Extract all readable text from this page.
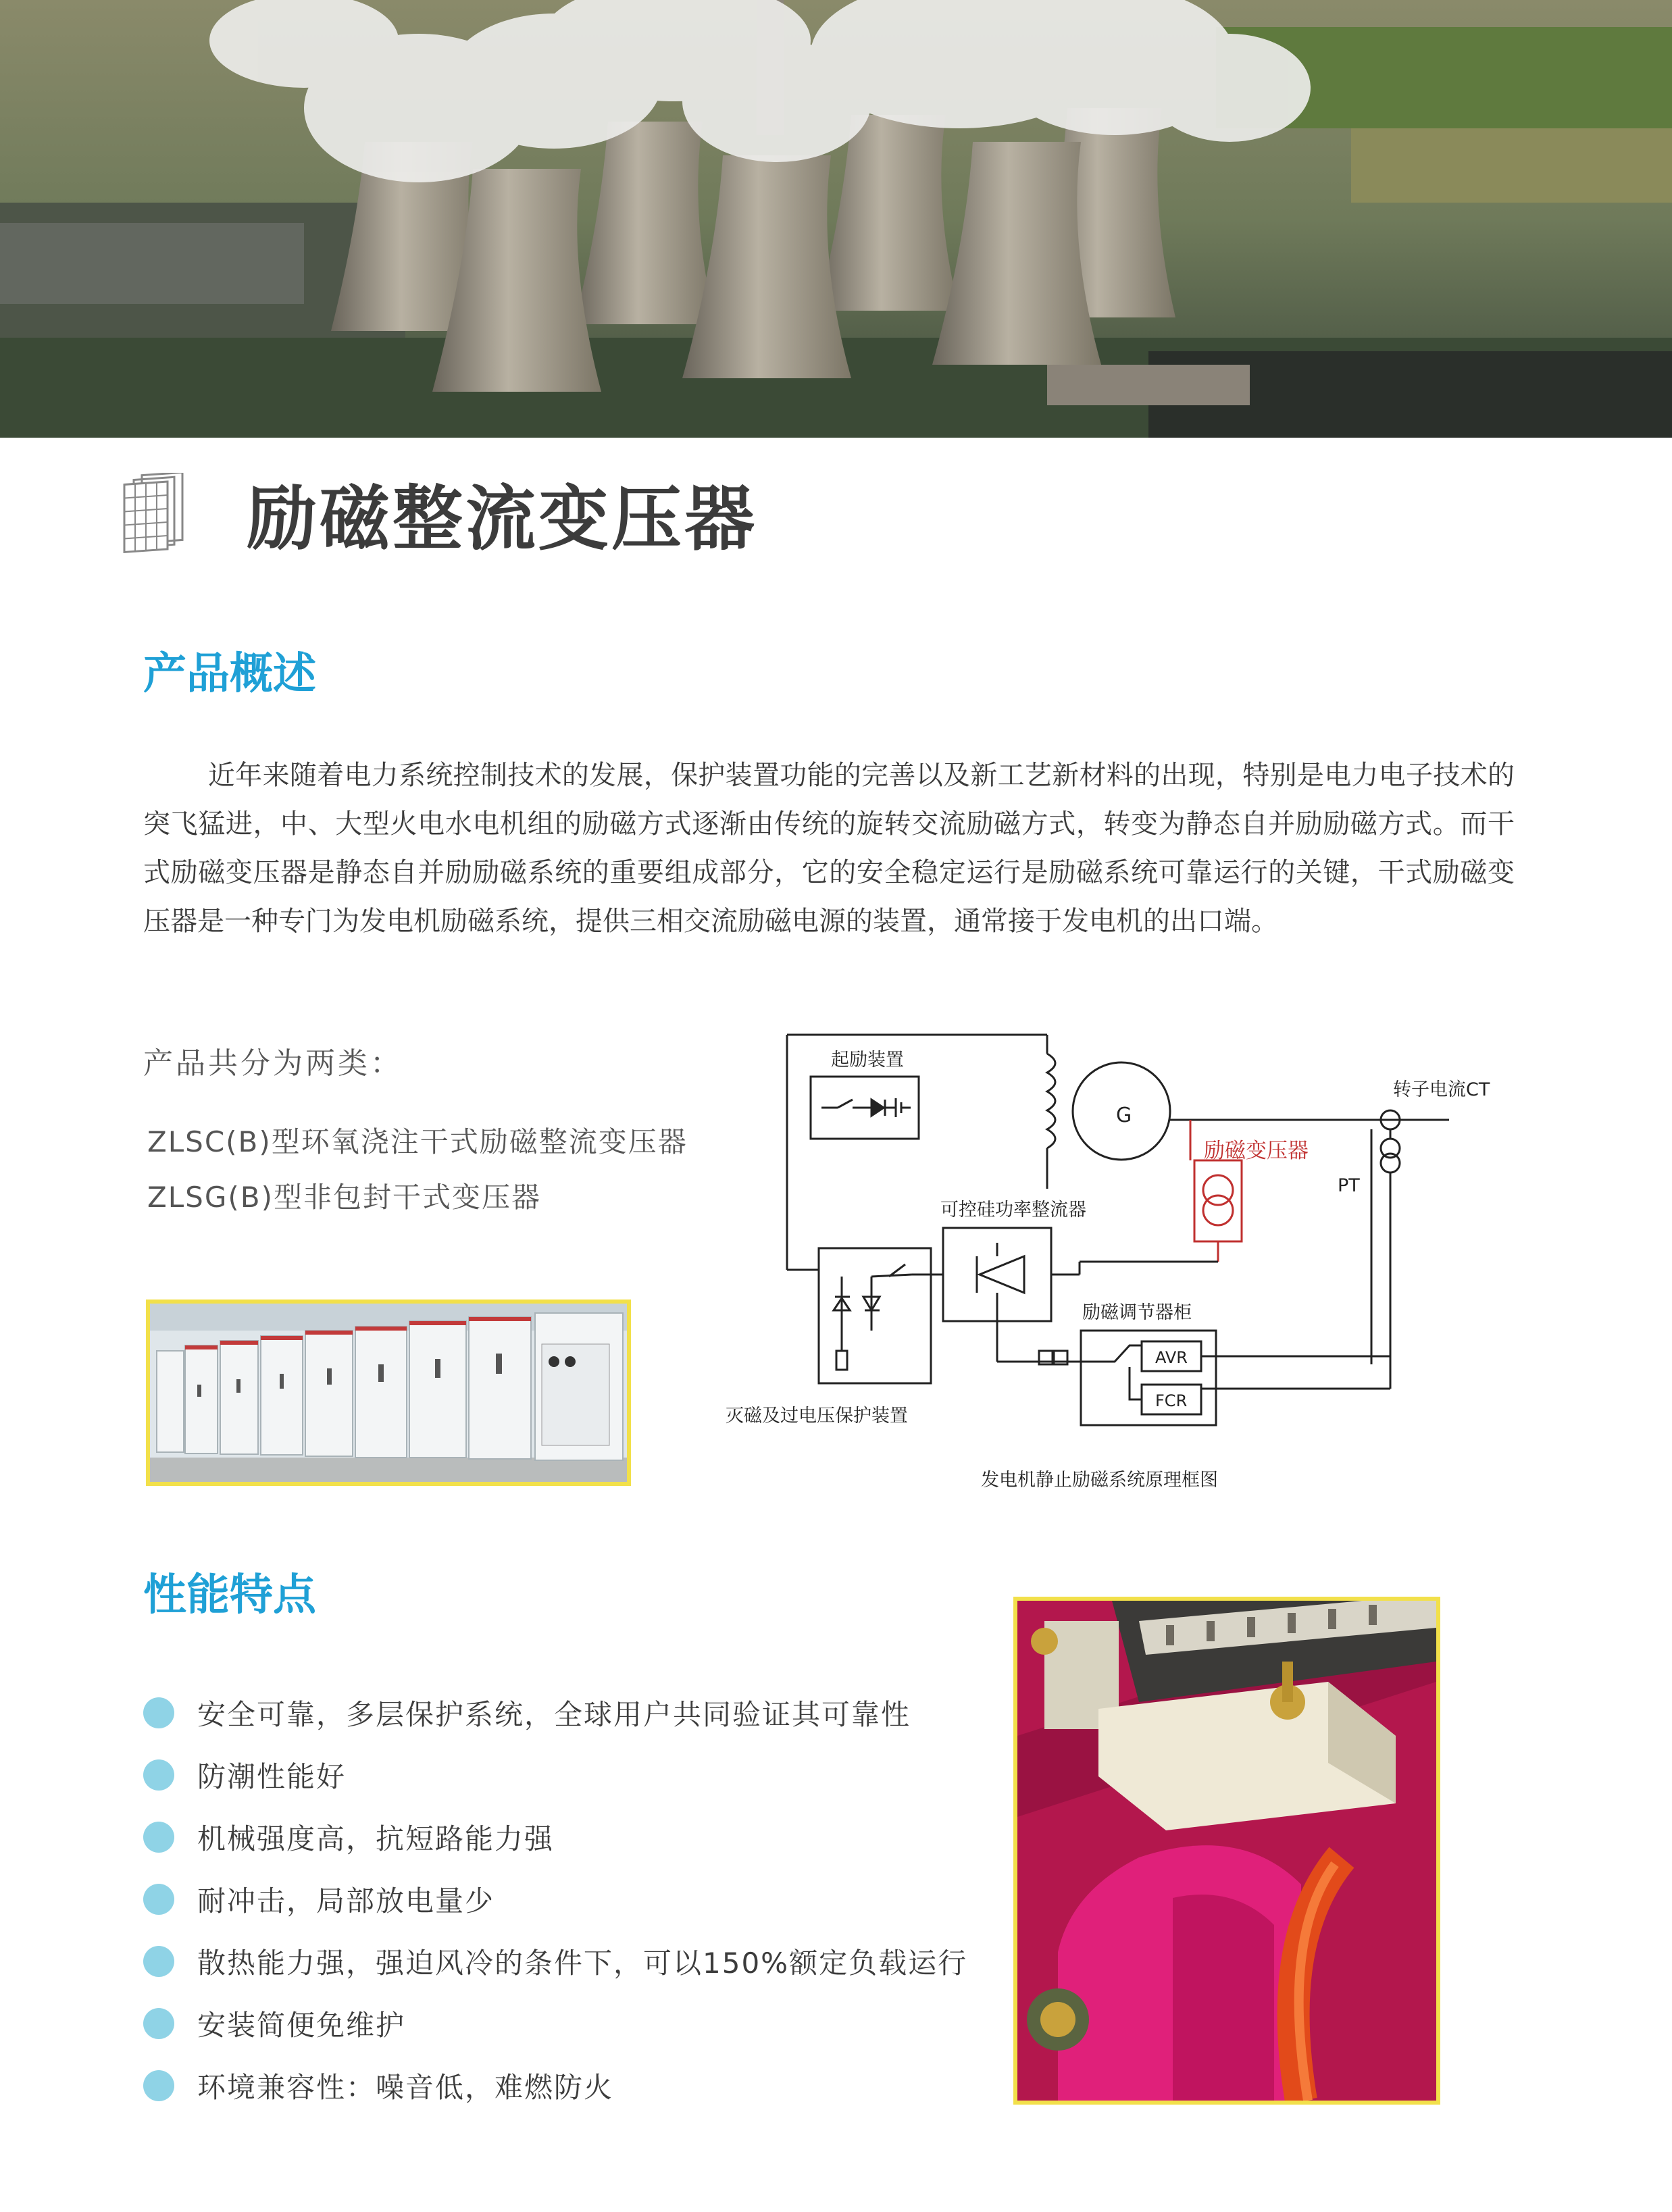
励磁整流变压器
产品概述

近年来随着电力系统控制技术的发展，保护装置功能的完善以及新工艺新材料的出现，特别是电力电子技术的突飞猛进，中、大型火电水电机组的励磁方式逐渐由传统的旋转交流励磁方式，转变为静态自并励励磁方式。而干式励磁变压器是静态自并励励磁系统的重要组成部分，它的安全稳定运行是励磁系统可靠运行的关键，干式励磁变压器是一种专门为发电机励磁系统，提供三相交流励磁电源的装置，通常接于发电机的出口端。

产品共分为两类：
ZLSC(B)型环氧浇注干式励磁整流变压器
ZLSG(B)型非包封干式变压器
起励装置
G
转子电流CT
励磁变压器
PT
可控硅功率整流器
励磁调节器柜
AVR
FCR
灭磁及过电压保护装置
发电机静止励磁系统原理框图
性能特点
安全可靠，多层保护系统，全球用户共同验证其可靠性
防潮性能好
机械强度高，抗短路能力强
耐冲击，局部放电量少
散热能力强，强迫风冷的条件下，可以150%额定负载运行
安装简便免维护
环境兼容性：噪音低，难燃防火
